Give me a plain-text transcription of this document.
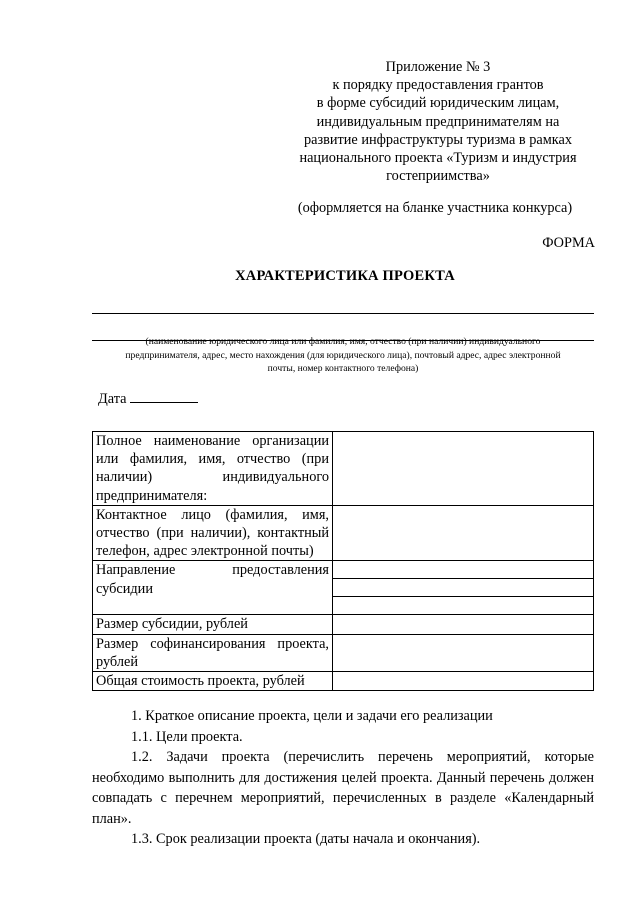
Приложение № 3
к порядку предоставления грантов
в форме субсидий юридическим лицам,
индивидуальным предпринимателям на
развитие инфраструктуры туризма в рамках
национального проекта «Туризм и индустрия
гостеприимства»
(оформляется на бланке участника конкурса)
ФОРМА
ХАРАКТЕРИСТИКА ПРОЕКТА
(наименование юридического лица или фамилия, имя, отчество (при наличии) индивидуального
предпринимателя, адрес, место нахождения (для юридического лица), почтовый адрес, адрес электронной
почты, номер контактного телефона)
Дата
Полное наименование организации или фамилия, имя, отчество (при наличии) индивидуального предпринимателя:	
Контактное лицо (фамилия, имя, отчество (при наличии), контактный телефон, адрес электронной почты)	

Направление предоставления
субсидии	

Размер субсидии, рублей	
Размер софинансирования проекта, рублей	
Общая стоимость проекта, рублей	

1. Краткое описание проекта, цели и задачи его реализации

1.1. Цели проекта.

1.2. Задачи проекта (перечислить перечень мероприятий, которые необходимо выполнить для достижения целей проекта. Данный перечень должен совпадать с перечнем мероприятий, перечисленных в разделе «Календарный план».

1.3. Срок реализации проекта (даты начала и окончания).
